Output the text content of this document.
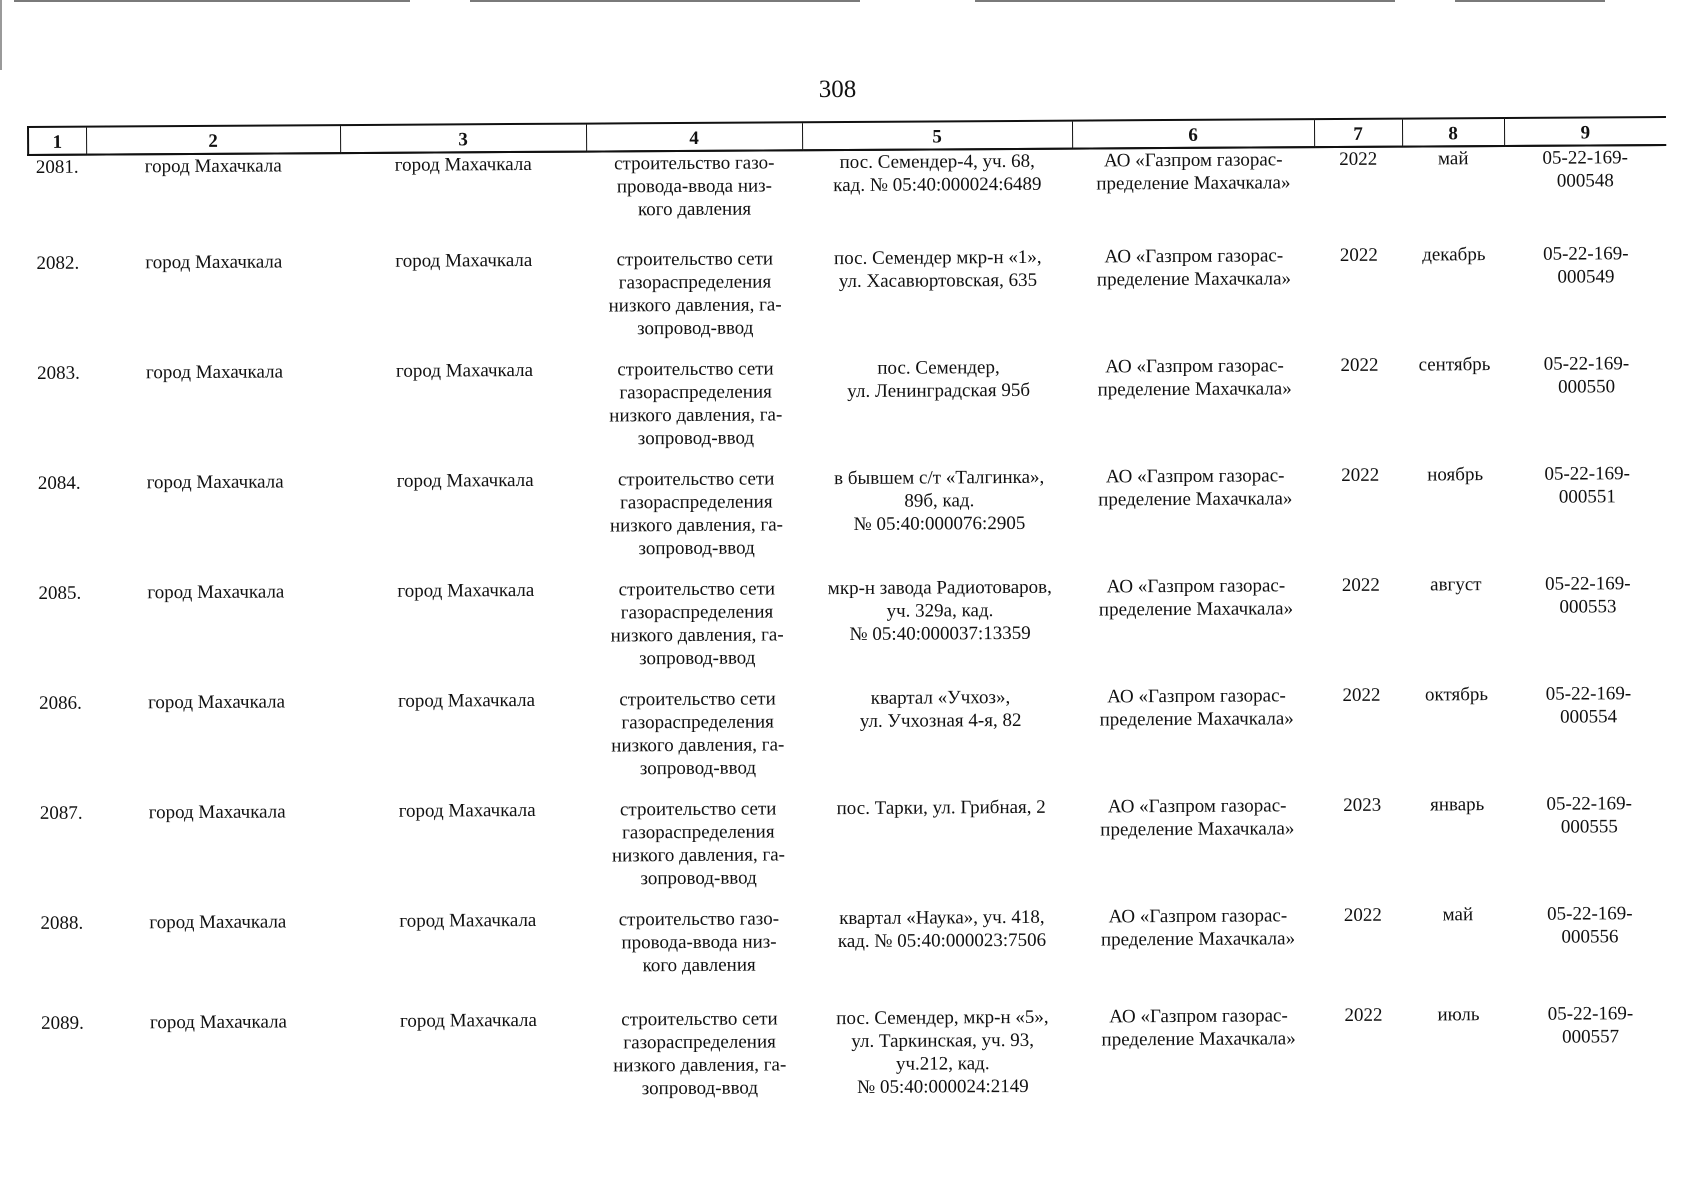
308
1	2	3	4	5	6	7	8	9
2081.	город Махачкала	город Махачкала	строительство газо-
провода-ввода низ-
кого давления	пос. Семендер-4, уч. 68,
кад. № 05:40:000024:6489	АО «Газпром газорас-
пределение Махачкала»	2022	май	05-22-169-
000548
2082.	город Махачкала	город Махачкала	строительство сети
газораспределения
низкого давления, га-
зопровод-ввод	пос. Семендер мкр-н «1»,
ул. Хасавюртовская, 635	АО «Газпром газорас-
пределение Махачкала»	2022	декабрь	05-22-169-
000549
2083.	город Махачкала	город Махачкала	строительство сети
газораспределения
низкого давления, га-
зопровод-ввод	пос. Семендер,
ул. Ленинградская 95б	АО «Газпром газорас-
пределение Махачкала»	2022	сентябрь	05-22-169-
000550
2084.	город Махачкала	город Махачкала	строительство сети
газораспределения
низкого давления, га-
зопровод-ввод	в бывшем с/т «Талгинка»,
89б, кад.
№ 05:40:000076:2905	АО «Газпром газорас-
пределение Махачкала»	2022	ноябрь	05-22-169-
000551
2085.	город Махачкала	город Махачкала	строительство сети
газораспределения
низкого давления, га-
зопровод-ввод	мкр-н завода Радиотоваров,
уч. 329а, кад.
№ 05:40:000037:13359	АО «Газпром газорас-
пределение Махачкала»	2022	август	05-22-169-
000553
2086.	город Махачкала	город Махачкала	строительство сети
газораспределения
низкого давления, га-
зопровод-ввод	квартал «Учхоз»,
ул. Учхозная 4-я, 82	АО «Газпром газорас-
пределение Махачкала»	2022	октябрь	05-22-169-
000554
2087.	город Махачкала	город Махачкала	строительство сети
газораспределения
низкого давления, га-
зопровод-ввод	пос. Тарки, ул. Грибная, 2	АО «Газпром газорас-
пределение Махачкала»	2023	январь	05-22-169-
000555
2088.	город Махачкала	город Махачкала	строительство газо-
провода-ввода низ-
кого давления	квартал «Наука», уч. 418,
кад. № 05:40:000023:7506	АО «Газпром газорас-
пределение Махачкала»	2022	май	05-22-169-
000556
2089.	город Махачкала	город Махачкала	строительство сети
газораспределения
низкого давления, га-
зопровод-ввод	пос. Семендер, мкр-н «5»,
ул. Таркинская, уч. 93,
уч.212, кад.
№ 05:40:000024:2149	АО «Газпром газорас-
пределение Махачкала»	2022	июль	05-22-169-
000557
